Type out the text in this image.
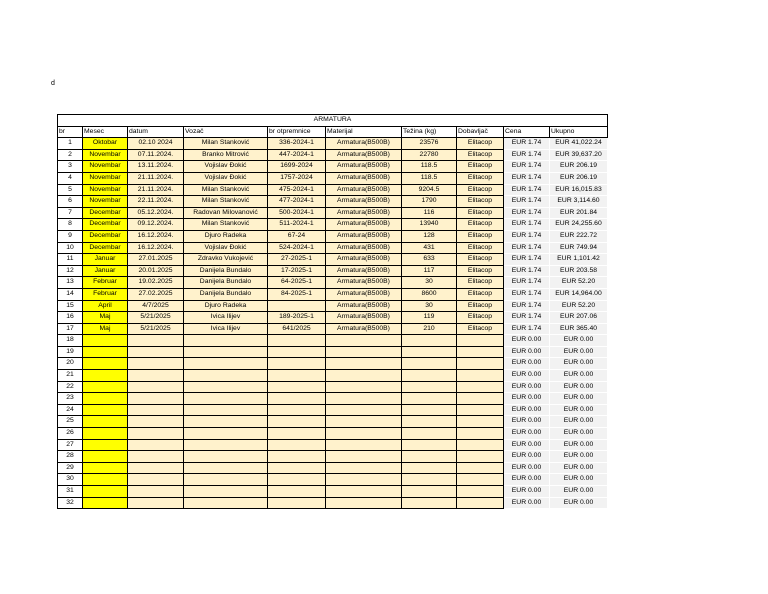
d
ARMATURA									
br	Mesec	datum	Vozač	br otpremnice	Materijal	Težina (kg)	Dobavljač	Cena	Ukupno
1	Oktobar	02.10 2024	Milan Stanković	336-2024-1	Armatura(B500B)	23576	Elitacop	EUR 1.74	EUR 41,022.24
2	Novembar	07.11.2024.	Branko Mitrović	447-2024-1	Armatura(B500B)	22780	Elitacop	EUR 1.74	EUR 39,637.20
3	Novembar	13.11.2024.	Vojislav Đokić	1699-2024	Armatura(B500B)	118.5	Elitacop	EUR 1.74	EUR 206.19
4	Novembar	21.11.2024.	Vojislav Đokić	1757-2024	Armatura(B500B)	118.5	Elitacop	EUR 1.74	EUR 206.19
5	Novembar	21.11.2024.	Milan Stanković	475-2024-1	Armatura(B500B)	9204.5	Elitacop	EUR 1.74	EUR 16,015.83
6	Novembar	22.11.2024.	Milan Stanković	477-2024-1	Armatura(B500B)	1790	Elitacop	EUR 1.74	EUR 3,114.60
7	Decembar	05.12.2024.	Radovan Milovanović	500-2024-1	Armatura(B500B)	116	Elitacop	EUR 1.74	EUR 201.84
8	Decembar	09.12.2024.	Milan Stanković	511-2024-1	Armatura(B500B)	13940	Elitacop	EUR 1.74	EUR 24,255.60
9	Decembar	16.12.2024.	Djuro Radeka	67-24	Armatura(B500B)	128	Elitacop	EUR 1.74	EUR 222.72
10	Decembar	16.12.2024.	Vojislav Đokić	524-2024-1	Armatura(B500B)	431	Elitacop	EUR 1.74	EUR 749.94
11	Januar	27.01.2025	Zdravko Vukojević	27-2025-1	Armatura(B500B)	633	Elitacop	EUR 1.74	EUR 1,101.42
12	Januar	20.01.2025	Danijela Bundalo	17-2025-1	Armatura(B500B)	117	Elitacop	EUR 1.74	EUR 203.58
13	Februar	19.02.2025	Danijela Bundalo	64-2025-1	Armatura(B500B)	30	Elitacop	EUR 1.74	EUR 52.20
14	Februar	27.02.2025	Danijela Bundalo	84-2025-1	Armatura(B500B)	8600	Elitacop	EUR 1.74	EUR 14,964.00
15	April	4/7/2025	Djuro Radeka		Armatura(B500B)	30	Elitacop	EUR 1.74	EUR 52.20
16	Maj	5/21/2025	Ivica Ilijev	189-2025-1	Armatura(B500B)	119	Elitacop	EUR 1.74	EUR 207.06
17	Maj	5/21/2025	Ivica Ilijev	641/2025	Armatura(B500B)	210	Elitacop	EUR 1.74	EUR 365.40
18								EUR 0.00	EUR 0.00
19								EUR 0.00	EUR 0.00
20								EUR 0.00	EUR 0.00
21								EUR 0.00	EUR 0.00
22								EUR 0.00	EUR 0.00
23								EUR 0.00	EUR 0.00
24								EUR 0.00	EUR 0.00
25								EUR 0.00	EUR 0.00
26								EUR 0.00	EUR 0.00
27								EUR 0.00	EUR 0.00
28								EUR 0.00	EUR 0.00
29								EUR 0.00	EUR 0.00
30								EUR 0.00	EUR 0.00
31								EUR 0.00	EUR 0.00
32								EUR 0.00	EUR 0.00
